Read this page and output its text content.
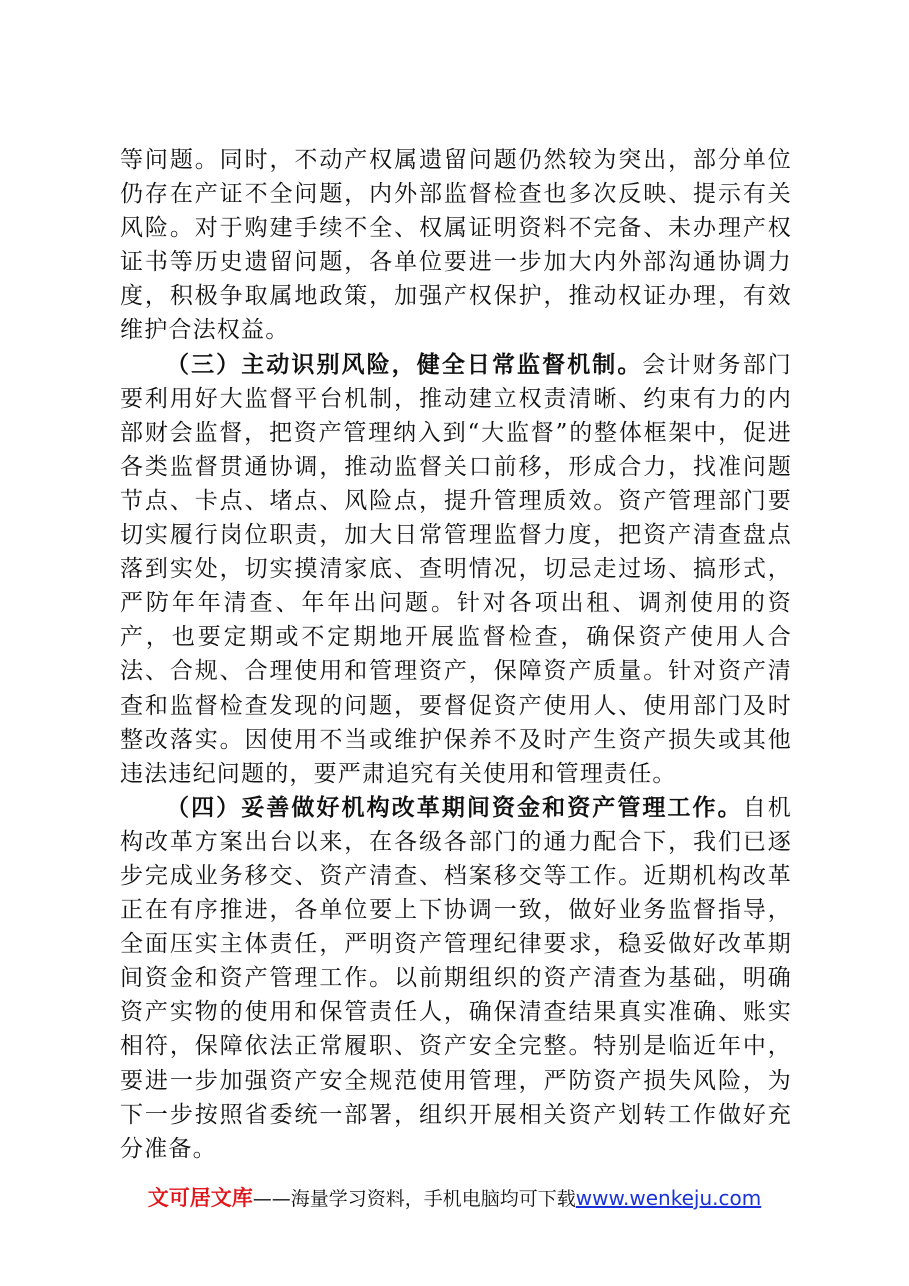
等问题。同时，不动产权属遗留问题仍然较为突出，部分单位仍存在产证不全问题，内外部监督检查也多次反映、提示有关风险。对于购建手续不全、权属证明资料不完备、未办理产权证书等历史遗留问题，各单位要进一步加大内外部沟通协调力度，积极争取属地政策，加强产权保护，推动权证办理，有效维护合法权益。

（三）主动识别风险，健全日常监督机制。会计财务部门要利用好大监督平台机制，推动建立权责清晰、约束有力的内部财会监督，把资产管理纳入到“大监督”的整体框架中，促进各类监督贯通协调，推动监督关口前移，形成合力，找准问题节点、卡点、堵点、风险点，提升管理质效。资产管理部门要切实履行岗位职责，加大日常管理监督力度，把资产清查盘点落到实处，切实摸清家底、查明情况，切忌走过场、搞形式，严防年年清查、年年出问题。针对各项出租、调剂使用的资产，也要定期或不定期地开展监督检查，确保资产使用人合法、合规、合理使用和管理资产，保障资产质量。针对资产清查和监督检查发现的问题，要督促资产使用人、使用部门及时整改落实。因使用不当或维护保养不及时产生资产损失或其他违法违纪问题的，要严肃追究有关使用和管理责任。

（四）妥善做好机构改革期间资金和资产管理工作。自机构改革方案出台以来，在各级各部门的通力配合下，我们已逐步完成业务移交、资产清查、档案移交等工作。近期机构改革正在有序推进，各单位要上下协调一致，做好业务监督指导，全面压实主体责任，严明资产管理纪律要求，稳妥做好改革期间资金和资产管理工作。以前期组织的资产清查为基础，明确资产实物的使用和保管责任人，确保清查结果真实准确、账实相符，保障依法正常履职、资产安全完整。特别是临近年中，要进一步加强资产安全规范使用管理，严防资产损失风险，为下一步按照省委统一部署，组织开展相关资产划转工作做好充分准备。

文可居文库——海量学习资料，手机电脑均可下载www.wenkeju.com
